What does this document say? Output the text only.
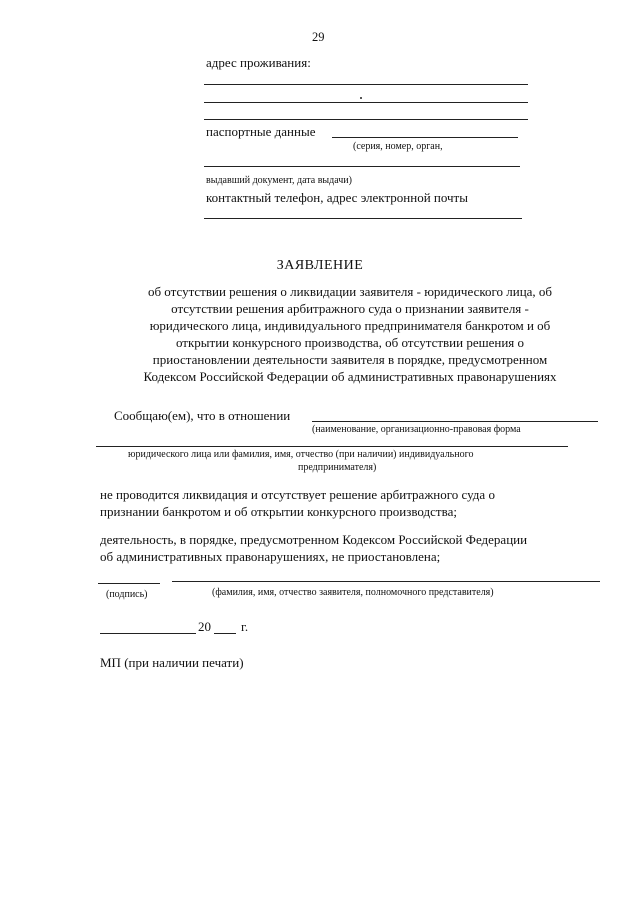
29
адрес проживания:
паспортные данные
(серия, номер, орган,
выдавший документ, дата выдачи)
контактный телефон, адрес электронной почты
ЗАЯВЛЕНИЕ
об отсутствии решения о ликвидации заявителя - юридического лица, об
отсутствии решения арбитражного суда о признании заявителя -
юридического лица, индивидуального предпринимателя банкротом и об
открытии конкурсного производства, об отсутствии решения о
приостановлении деятельности заявителя в порядке, предусмотренном
Кодексом Российской Федерации об административных правонарушениях
Сообщаю(ем), что в отношении
(наименование, организационно-правовая форма
юридического лица или фамилия, имя, отчество (при наличии) индивидуального
предпринимателя)
не проводится ликвидация и отсутствует решение арбитражного суда о
признании банкротом и об открытии конкурсного производства;
деятельность, в порядке, предусмотренном Кодексом Российской Федерации
об административных правонарушениях, не приостановлена;
(подпись)	(фамилия, имя, отчество заявителя, полномочного представителя)
20 г.
МП (при наличии печати)
